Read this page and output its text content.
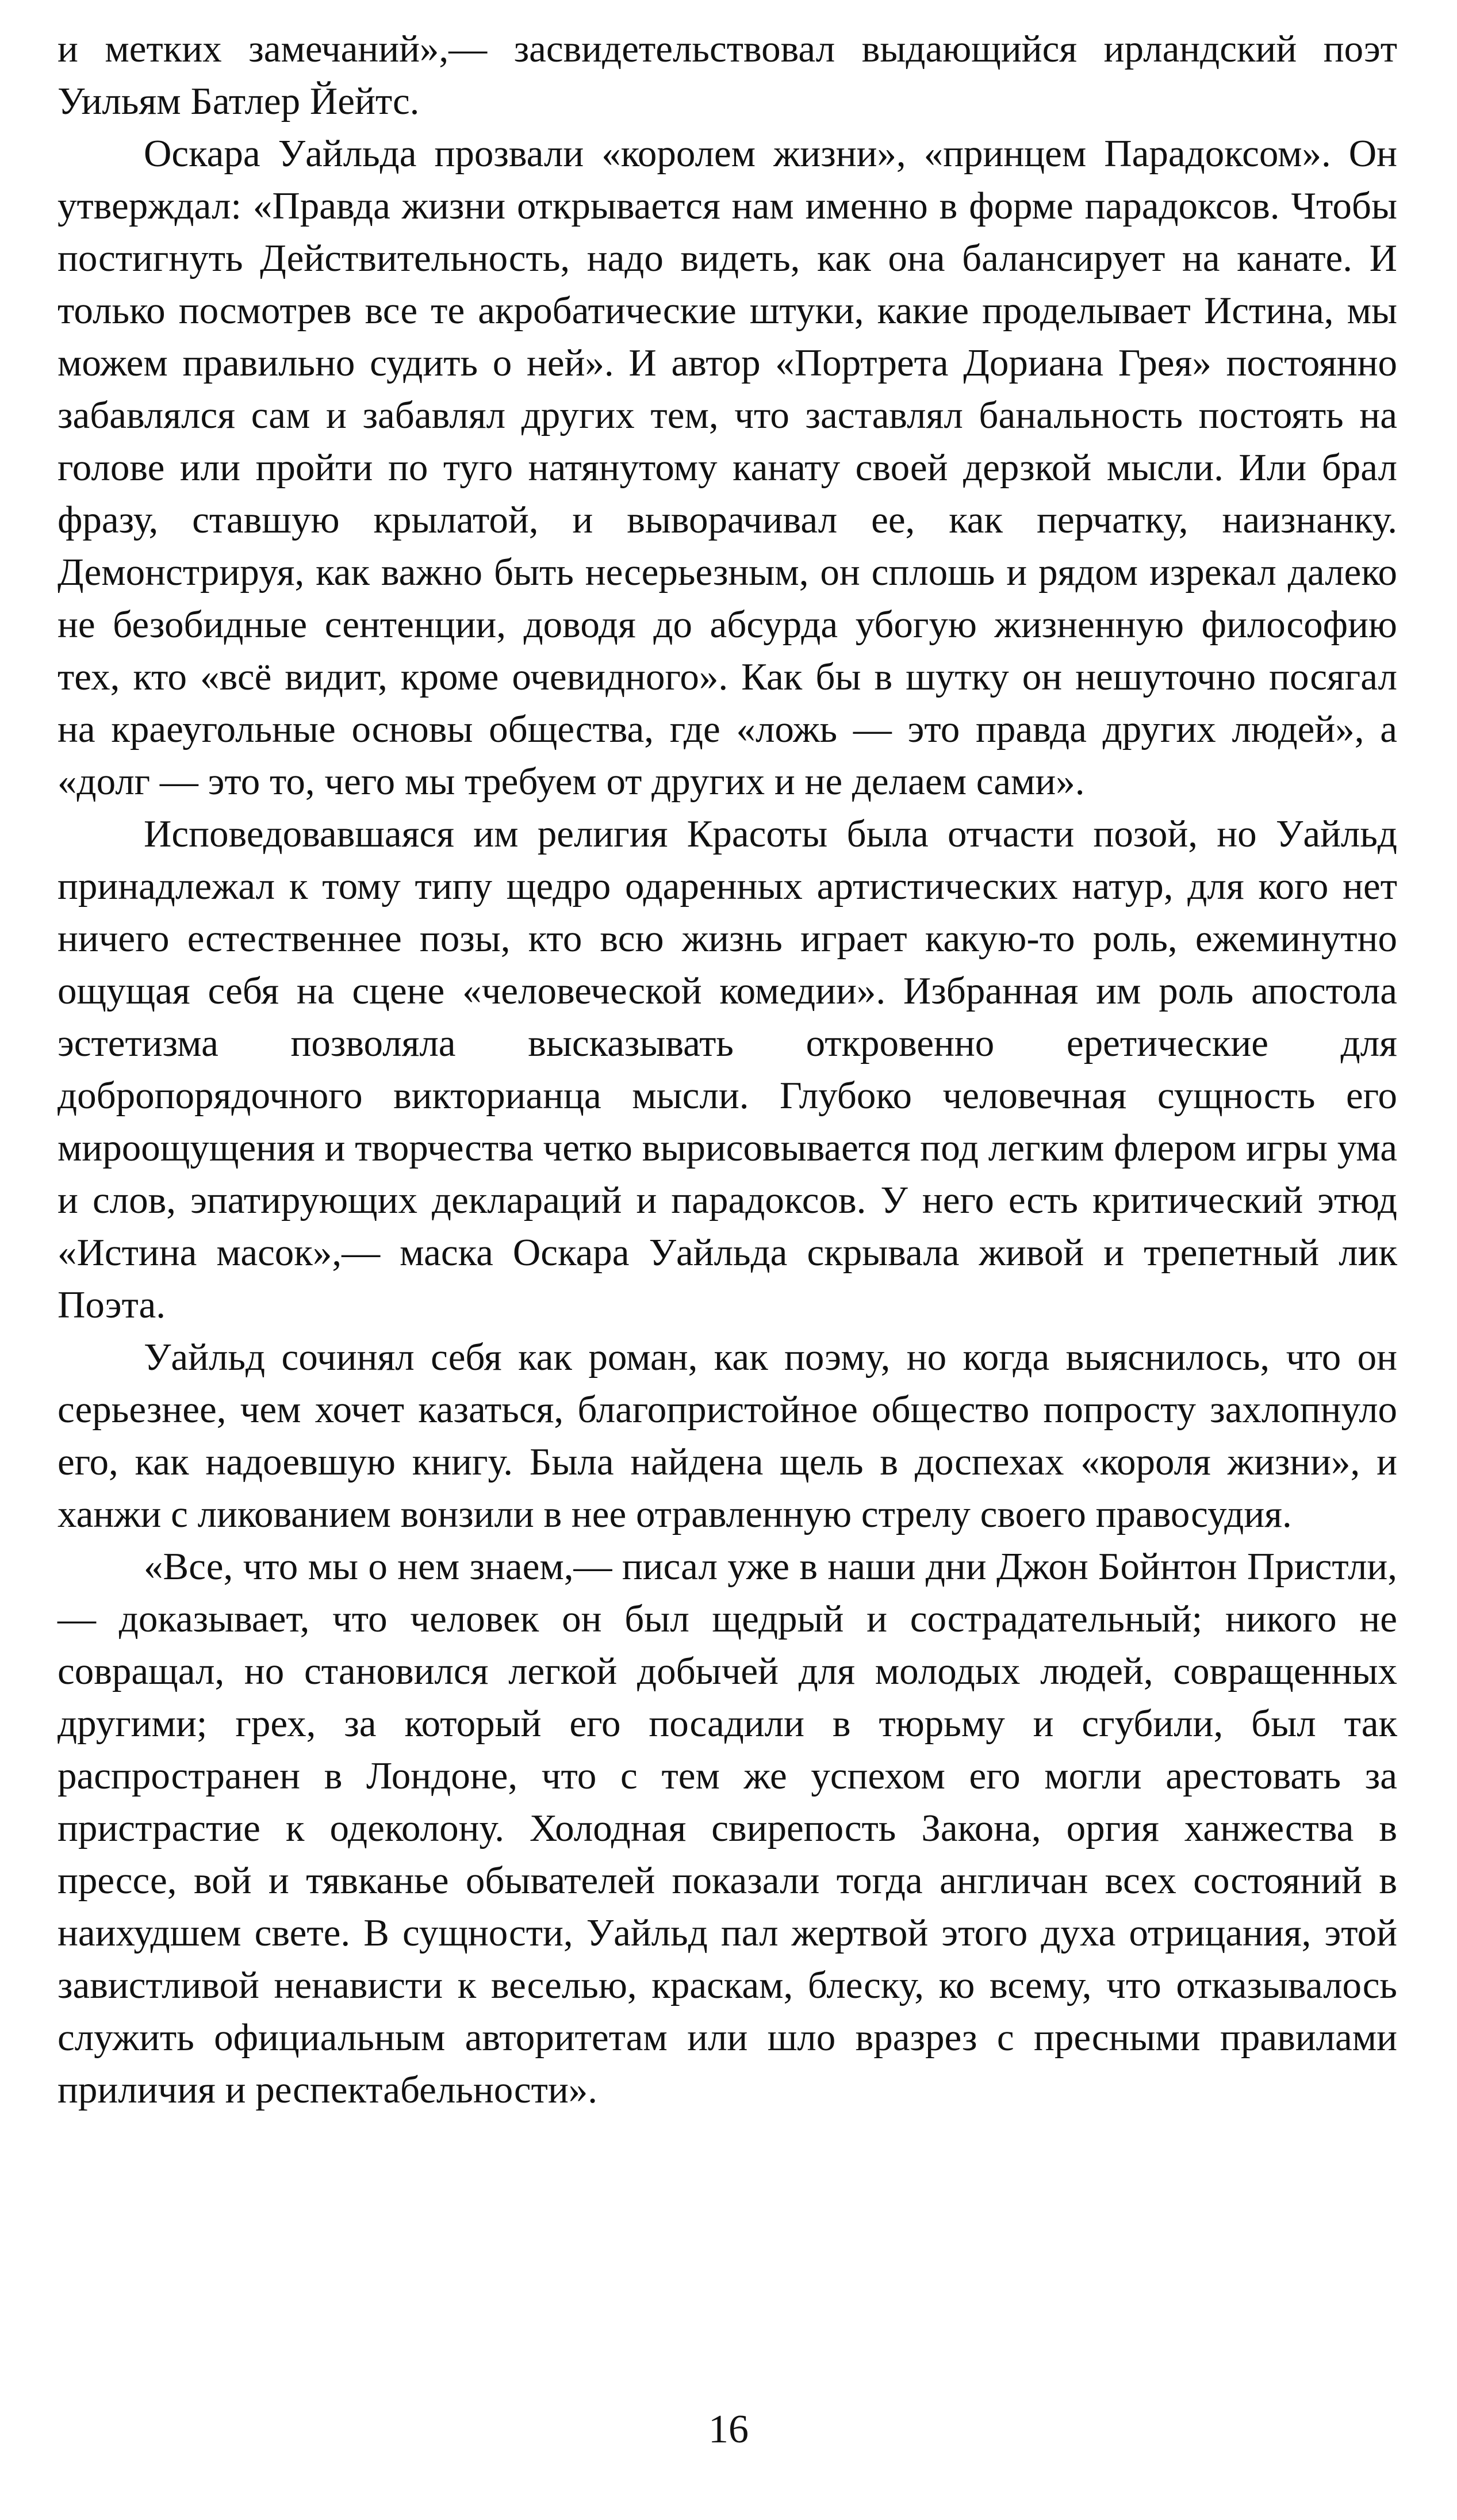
и метких замечаний»,— засвидетельствовал выдающийся ирландский поэт Уильям Батлер Йейтс.

Оскара Уайльда прозвали «королем жизни», «принцем Парадоксом». Он утверждал: «Правда жизни открывается нам именно в форме парадоксов. Чтобы постигнуть Действительность, надо видеть, как она балансирует на канате. И только посмотрев все те акробатические штуки, какие проделывает Истина, мы можем правильно судить о ней». И автор «Портрета Дориана Грея» постоянно забавлялся сам и забавлял других тем, что заставлял банальность постоять на голове или пройти по туго натянутому канату своей дерзкой мысли. Или брал фразу, ставшую крылатой, и выворачивал ее, как перчатку, наизнанку. Демонстрируя, как важно быть несерьезным, он сплошь и рядом изрекал далеко не безобидные сентенции, доводя до абсурда убогую жизненную философию тех, кто «всё видит, кроме очевидного». Как бы в шутку он нешуточно посягал на краеугольные основы общества, где «ложь — это правда других людей», а «долг — это то, чего мы требуем от других и не делаем сами».

Исповедовавшаяся им религия Красоты была отчасти позой, но Уайльд принадлежал к тому типу щедро одаренных артистических натур, для кого нет ничего естественнее позы, кто всю жизнь играет какую-то роль, ежеминутно ощущая себя на сцене «человеческой комедии». Избранная им роль апостола эстетизма позволяла высказывать откровенно еретические для добропорядочного викторианца мысли. Глубоко человечная сущность его мироощущения и творчества четко вырисовывается под легким флером игры ума и слов, эпатирующих деклараций и парадоксов. У него есть критический этюд «Истина масок»,— маска Оскара Уайльда скрывала живой и трепетный лик Поэта.

Уайльд сочинял себя как роман, как поэму, но когда выяснилось, что он серьезнее, чем хочет казаться, благопристойное общество попросту захлопнуло его, как надоевшую книгу. Была найдена щель в доспехах «короля жизни», и ханжи с ликованием вонзили в нее отравленную стрелу своего правосудия.

«Все, что мы о нем знаем,— писал уже в наши дни Джон Бойнтон Пристли,— доказывает, что человек он был щедрый и сострадательный; никого не совращал, но становился легкой добычей для молодых людей, совращенных другими; грех, за который его посадили в тюрьму и сгубили, был так распространен в Лондоне, что с тем же успехом его могли арестовать за пристрастие к одеколону. Холодная свирепость Закона, оргия ханжества в прессе, вой и тявканье обывателей показали тогда англичан всех состояний в наихудшем свете. В сущности, Уайльд пал жертвой этого духа отрицания, этой завистливой ненависти к веселью, краскам, блеску, ко всему, что отказывалось служить официальным авторитетам или шло вразрез с пресными правилами приличия и респектабельности».

16
